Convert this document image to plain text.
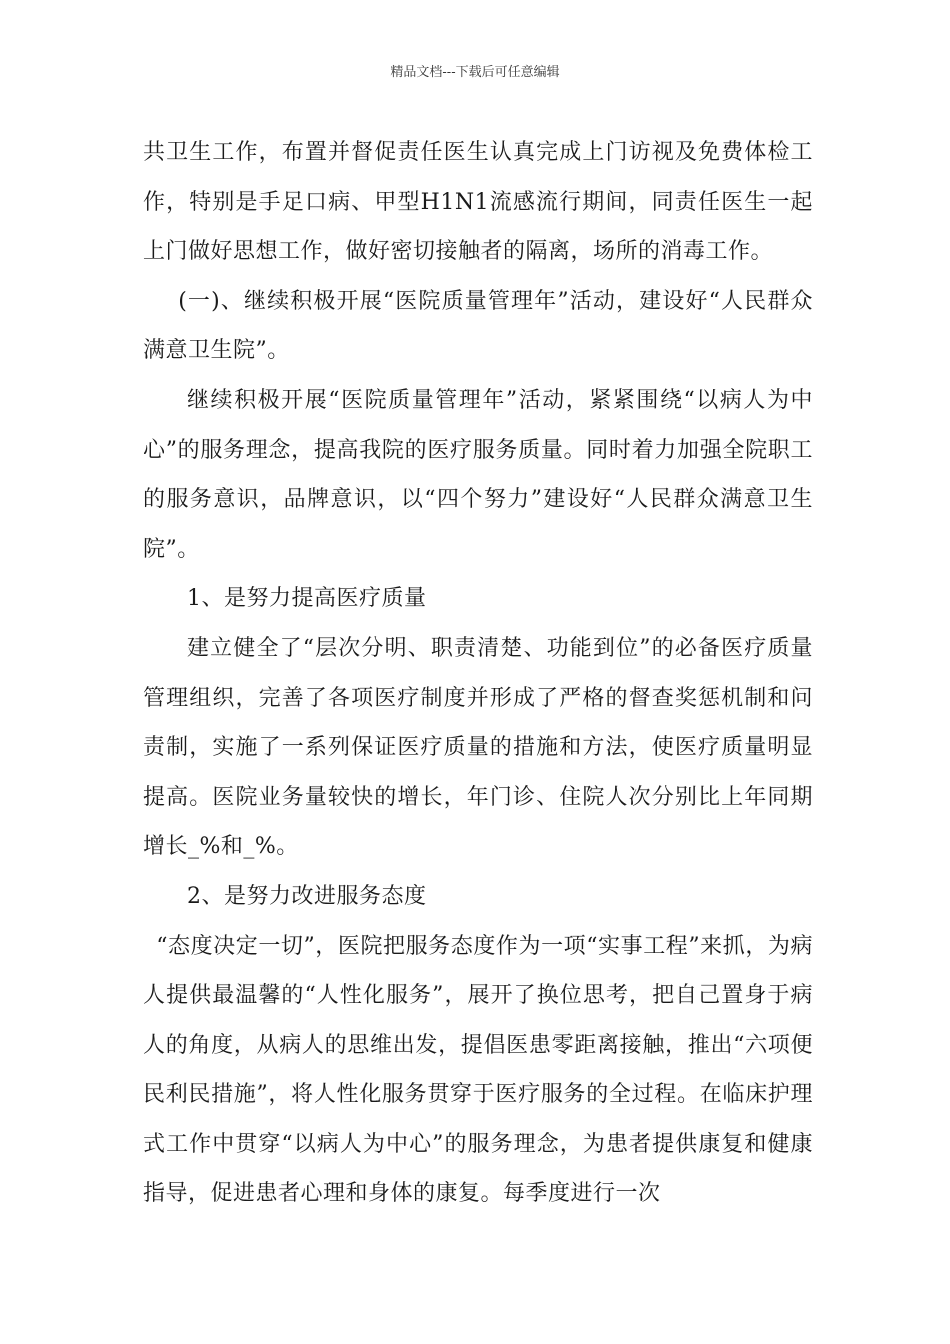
精品文档---下载后可任意编辑

共卫生工作，布置并督促责任医生认真完成上门访视及免费体检工作，特别是手足口病、甲型H1N1流感流行期间，同责任医生一起上门做好思想工作，做好密切接触者的隔离，场所的消毒工作。

(一)、继续积极开展“医院质量管理年”活动，建设好“人民群众满意卫生院”。

继续积极开展“医院质量管理年”活动，紧紧围绕“以病人为中心”的服务理念，提高我院的医疗服务质量。同时着力加强全院职工的服务意识，品牌意识，以“四个努力”建设好“人民群众满意卫生院”。

1、是努力提高医疗质量

建立健全了“层次分明、职责清楚、功能到位”的必备医疗质量管理组织，完善了各项医疗制度并形成了严格的督查奖惩机制和问责制，实施了一系列保证医疗质量的措施和方法，使医疗质量明显提高。医院业务量较快的增长，年门诊、住院人次分别比上年同期增长_%和_%。

2、是努力改进服务态度

“态度决定一切”，医院把服务态度作为一项“实事工程”来抓，为病人提供最温馨的“人性化服务”，展开了换位思考，把自己置身于病人的角度，从病人的思维出发，提倡医患零距离接触，推出“六项便民利民措施”，将人性化服务贯穿于医疗服务的全过程。在临床护理式工作中贯穿“以病人为中心”的服务理念，为患者提供康复和健康指导，促进患者心理和身体的康复。每季度进行一次
